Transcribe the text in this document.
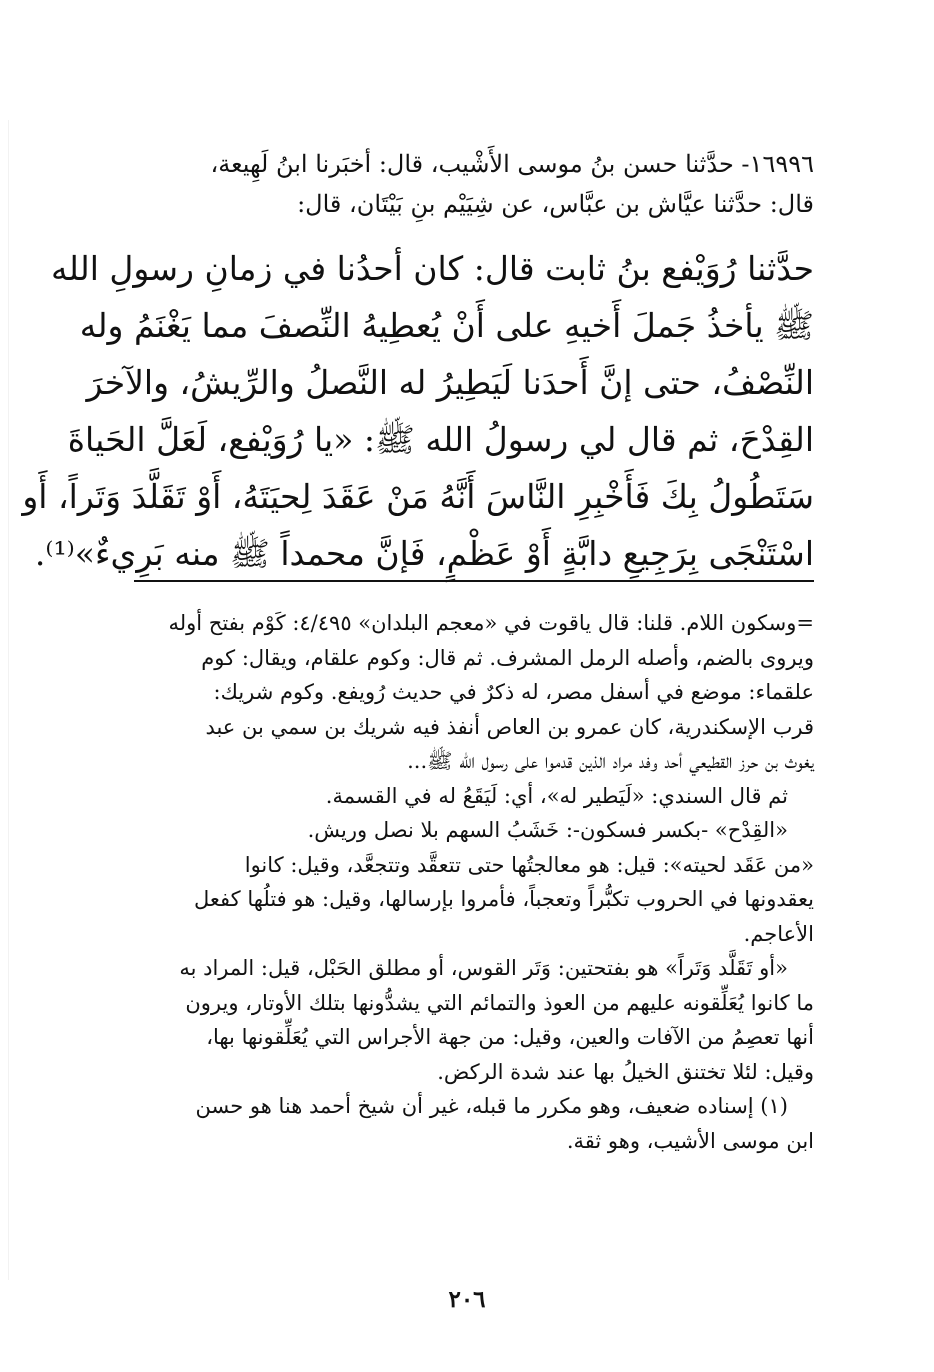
١٦٩٩٦- حدَّثنا حسن بنُ موسى الأَشْيب، قال: أخبَرنا ابنُ لَهِيعة،
قال: حدَّثنا عيَّاش بن عبَّاس، عن شِيَيْم بنِ بَيْتَان، قال:
حدَّثنا رُوَيْفع بنُ ثابت قال: كان أحدُنا في زمانِ رسولِ الله
ﷺ يأخذُ جَملَ أَخيهِ على أَنْ يُعطِيهُ النِّصفَ مما يَغْنَمُ وله
النِّصْفُ، حتى إنَّ أَحدَنا لَيَطِيرُ له النَّصلُ والرِّيشُ، والآخرَ
القِدْحَ، ثم قال لي رسولُ الله ﷺ: «يا رُوَيْفع، لَعَلَّ الحَياةَ
سَتَطُولُ بِكَ فَأَخْبِرِ النَّاسَ أَنَّهُ مَنْ عَقَدَ لِحيَتَهُ، أَوْ تَقَلَّدَ وَتَراً، أَو
اسْتَنْجَى بِرَجِيعِ دابَّةٍ أَوْ عَظْمٍ، فَإنَّ محمداً ﷺ منه بَرِيءٌ»⁽¹⁾.
=وسكون اللام. قلنا: قال ياقوت في «معجم البلدان» ٤/٤٩٥: كَوْم بفتح أوله
ويروى بالضم، وأصله الرمل المشرف. ثم قال: وكوم علقام، ويقال: كوم
علقماء: موضع في أسفل مصر، له ذكرٌ في حديث رُويفع. وكوم شريك:
قرب الإسكندرية، كان عمرو بن العاص أنفذ فيه شريك بن سمي بن عبد
يغوث بن حرز القطيعي أحد وفد مراد الذين قدموا على رسول الله ﷺ...
ثم قال السندي: «لَيَطير له»، أي: لَيَقَعُ له في القسمة.
«القِدْح» -بكسر فسكون-: خَشَبُ السهم بلا نصل وريش.
«من عَقَد لحيته»: قيل: هو معالجتُها حتى تتعقَّد وتتجعَّد، وقيل: كانوا
يعقدونها في الحروب تكبُّراً وتعجباً، فأمروا بإرسالها، وقيل: هو فتلُها كفعل
الأعاجم.
«أو تَقَلَّد وَتَراً» هو بفتحتين: وَتَر القوس، أو مطلق الحَبْل، قيل: المراد به
ما كانوا يُعَلِّقونه عليهم من العوذ والتمائم التي يشدُّونها بتلك الأوتار، ويرون
أنها تعصِمُ من الآفات والعين، وقيل: من جهة الأجراس التي يُعَلِّقونها بها،
وقيل: لئلا تختنق الخيلُ بها عند شدة الركض.
(١) إسناده ضعيف، وهو مكرر ما قبله، غير أن شيخ أحمد هنا هو حسن
ابن موسى الأشيب، وهو ثقة.
٢٠٦
